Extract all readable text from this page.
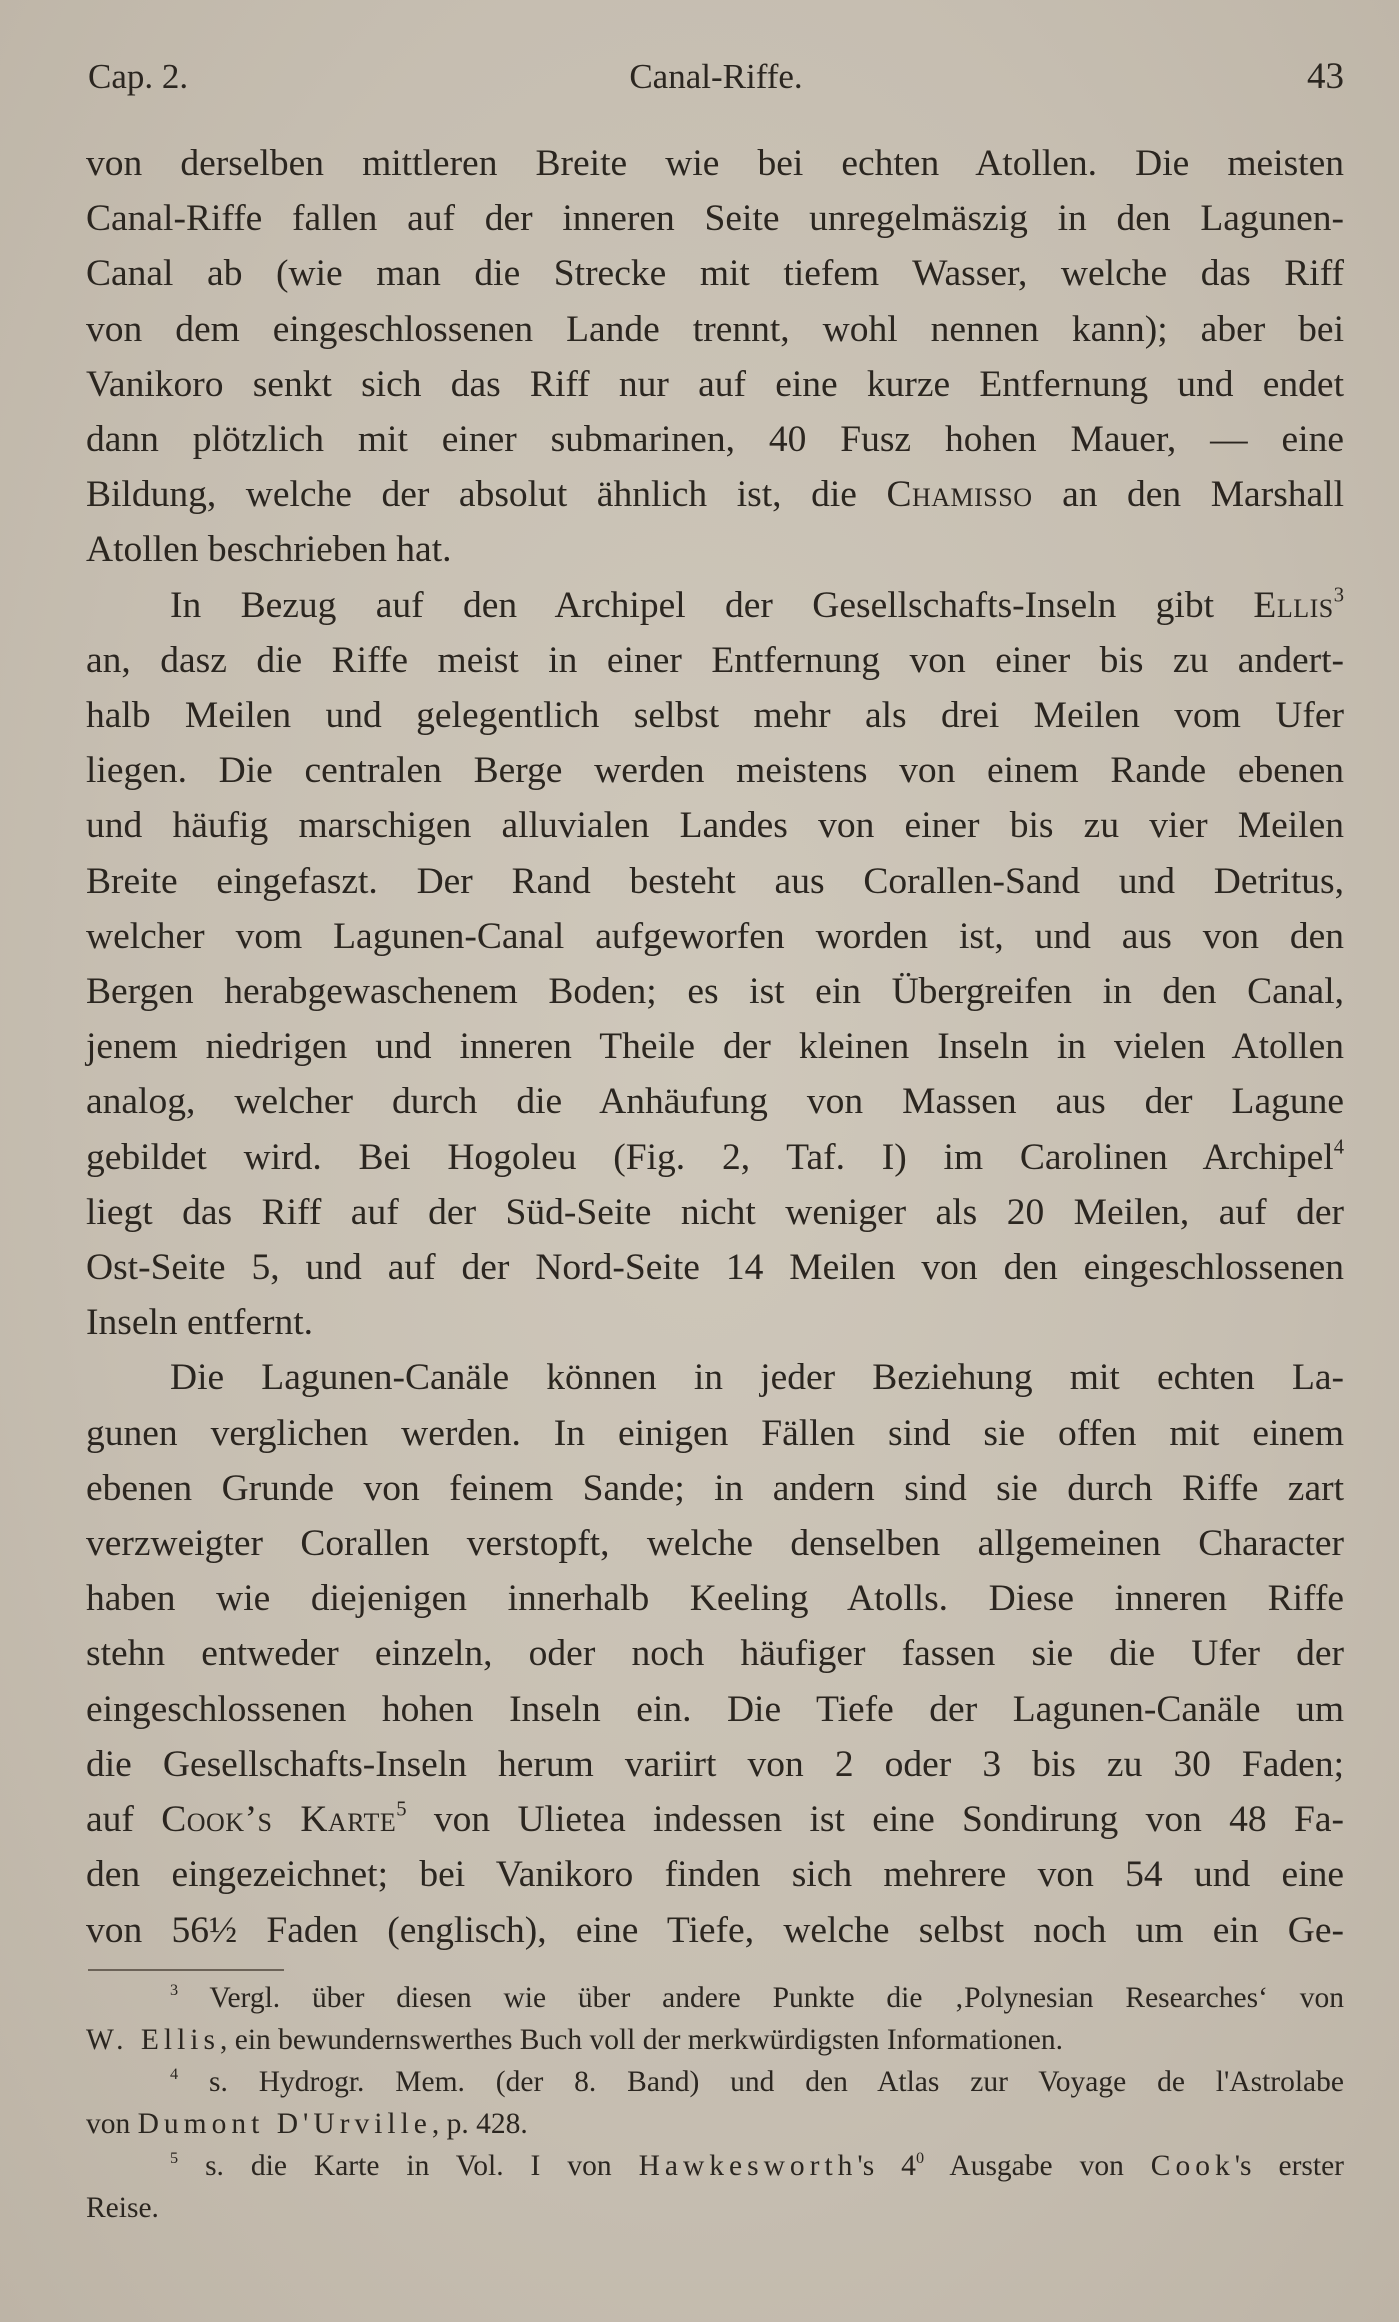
Cap. 2.	Canal-Riffe.	43

von derselben mittleren Breite wie bei echten Atollen. Die meisten
Canal-Riffe fallen auf der inneren Seite unregelmäszig in den Lagunen-
Canal ab (wie man die Strecke mit tiefem Wasser, welche das Riff
von dem eingeschlossenen Lande trennt, wohl nennen kann); aber bei
Vanikoro senkt sich das Riff nur auf eine kurze Entfernung und endet
dann plötzlich mit einer submarinen, 40 Fusz hohen Mauer, — eine
Bildung, welche der absolut ähnlich ist, die Chamisso an den Marshall
Atollen beschrieben hat.

In Bezug auf den Archipel der Gesellschafts-Inseln gibt Ellis$^3$
an, dasz die Riffe meist in einer Entfernung von einer bis zu andert-
halb Meilen und gelegentlich selbst mehr als drei Meilen vom Ufer
liegen. Die centralen Berge werden meistens von einem Rande ebenen
und häufig marschigen alluvialen Landes von einer bis zu vier Meilen
Breite eingefaszt. Der Rand besteht aus Corallen-Sand und Detritus,
welcher vom Lagunen-Canal aufgeworfen worden ist, und aus von den
Bergen herabgewaschenem Boden; es ist ein Übergreifen in den Canal,
jenem niedrigen und inneren Theile der kleinen Inseln in vielen Atollen
analog, welcher durch die Anhäufung von Massen aus der Lagune
gebildet wird. Bei Hogoleu (Fig. 2, Taf. I) im Carolinen Archipel$^4$
liegt das Riff auf der Süd-Seite nicht weniger als 20 Meilen, auf der
Ost-Seite 5, und auf der Nord-Seite 14 Meilen von den eingeschlossenen
Inseln entfernt.

Die Lagunen-Canäle können in jeder Beziehung mit echten La-
gunen verglichen werden. In einigen Fällen sind sie offen mit einem
ebenen Grunde von feinem Sande; in andern sind sie durch Riffe zart
verzweigter Corallen verstopft, welche denselben allgemeinen Character
haben wie diejenigen innerhalb Keeling Atolls. Diese inneren Riffe
stehn entweder einzeln, oder noch häufiger fassen sie die Ufer der
eingeschlossenen hohen Inseln ein. Die Tiefe der Lagunen-Canäle um
die Gesellschafts-Inseln herum variirt von 2 oder 3 bis zu 30 Faden;
auf Cook’s Karte$^5$ von Ulietea indessen ist eine Sondirung von 48 Fa-
den eingezeichnet; bei Vanikoro finden sich mehrere von 54 und eine
von 56½ Faden (englisch), eine Tiefe, welche selbst noch um ein Ge-

$^3$ Vergl. über diesen wie über andere Punkte die ‚Polynesian Researches‘ von
W. Ellis, ein bewundernswerthes Buch voll der merkwürdigsten Informationen.

$^4$ s. Hydrogr. Mem. (der 8. Band) und den Atlas zur Voyage de l'Astrolabe
von Dumont D'Urville, p. 428.

$^5$ s. die Karte in Vol. I von Hawkesworth's $4^0$ Ausgabe von Cook's erster
Reise.
